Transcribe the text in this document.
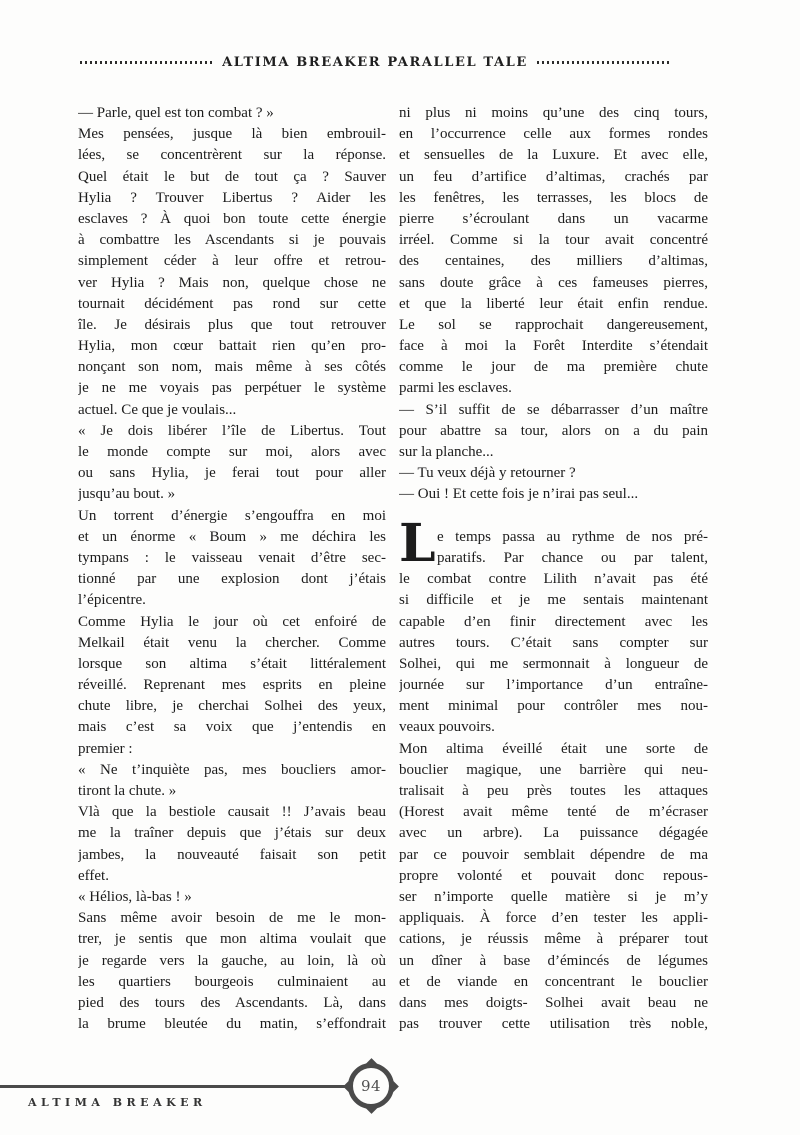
ALTIMA BREAKER PARALLEL TALE
— Parle, quel est ton combat ? »
Mes pensées, jusque là bien embrouil-
lées, se concentrèrent sur la réponse.
Quel était le but de tout ça ? Sauver
Hylia ? Trouver Libertus ? Aider les
esclaves ? À quoi bon toute cette énergie
à combattre les Ascendants si je pouvais
simplement céder à leur offre et retrou-
ver Hylia ? Mais non, quelque chose ne
tournait décidément pas rond sur cette
île. Je désirais plus que tout retrouver
Hylia, mon cœur battait rien qu’en pro-
nonçant son nom, mais même à ses côtés
je ne me voyais pas perpétuer le système
actuel. Ce que je voulais...
« Je dois libérer l’île de Libertus. Tout
le monde compte sur moi, alors avec
ou sans Hylia, je ferai tout pour aller
jusqu’au bout. »
Un torrent d’énergie s’engouffra en moi
et un énorme « Boum » me déchira les
tympans : le vaisseau venait d’être sec-
tionné par une explosion dont j’étais
l’épicentre.
Comme Hylia le jour où cet enfoiré de
Melkail était venu la chercher. Comme
lorsque son altima s’était littéralement
réveillé. Reprenant mes esprits en pleine
chute libre, je cherchai Solhei des yeux,
mais c’est sa voix que j’entendis en
premier :
« Ne t’inquiète pas, mes boucliers amor-
tiront la chute. »
Vlà que la bestiole causait !! J’avais beau
me la traîner depuis que j’étais sur deux
jambes, la nouveauté faisait son petit
effet.
« Hélios, là-bas ! »
Sans même avoir besoin de me le mon-
trer, je sentis que mon altima voulait que
je regarde vers la gauche, au loin, là où
les quartiers bourgeois culminaient au
pied des tours des Ascendants. Là, dans
la brume bleutée du matin, s’effondrait
L
ni plus ni moins qu’une des cinq tours,
en l’occurrence celle aux formes rondes
et sensuelles de la Luxure. Et avec elle,
un feu d’artifice d’altimas, crachés par
les fenêtres, les terrasses, les blocs de
pierre s’écroulant dans un vacarme
irréel. Comme si la tour avait concentré
des centaines, des milliers d’altimas,
sans doute grâce à ces fameuses pierres,
et que la liberté leur était enfin rendue.
Le sol se rapprochait dangereusement,
face à moi la Forêt Interdite s’étendait
comme le jour de ma première chute
parmi les esclaves.
— S’il suffit de se débarrasser d’un maître
pour abattre sa tour, alors on a du pain
sur la planche...
— Tu veux déjà y retourner ?
— Oui ! Et cette fois je n’irai pas seul...
e temps passa au rythme de nos pré-
paratifs. Par chance ou par talent,
le combat contre Lilith n’avait pas été
si difficile et je me sentais maintenant
capable d’en finir directement avec les
autres tours. C’était sans compter sur
Solhei, qui me sermonnait à longueur de
journée sur l’importance d’un entraîne-
ment minimal pour contrôler mes nou-
veaux pouvoirs.
Mon altima éveillé était une sorte de
bouclier magique, une barrière qui neu-
tralisait à peu près toutes les attaques
(Horest avait même tenté de m’écraser
avec un arbre). La puissance dégagée
par ce pouvoir semblait dépendre de ma
propre volonté et pouvait donc repous-
ser n’importe quelle matière si je m’y
appliquais. À force d’en tester les appli-
cations, je réussis même à préparer tout
un dîner à base d’émincés de légumes
et de viande en concentrant le bouclier
dans mes doigts- Solhei avait beau ne
pas trouver cette utilisation très noble,
94
ALTIMA BREAKER
